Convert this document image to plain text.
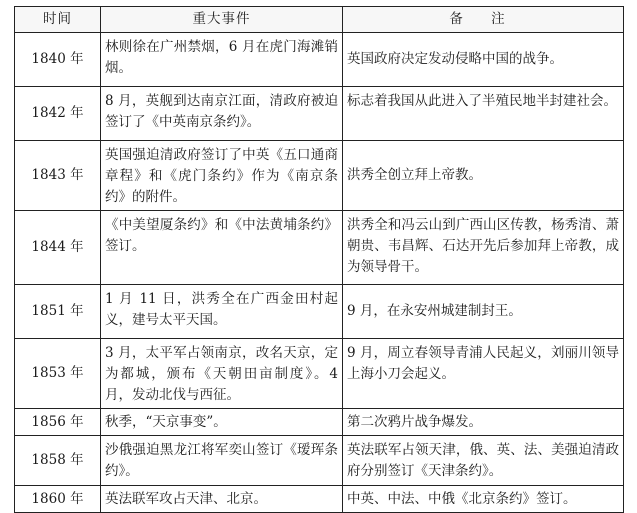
时间	重大事件	备 注
1840 年	林则徐在广州禁烟，6 月在虎门海滩销烟。	英国政府决定发动侵略中国的战争。
1842 年	8 月，英舰到达南京江面，清政府被迫签订了《中英南京条约》。	标志着我国从此进入了半殖民地半封建社会。
1843 年	英国强迫清政府签订了中英《五口通商章程》和《虎门条约》作为《南京条约》的附件。	洪秀全创立拜上帝教。
1844 年	《中美望厦条约》和《中法黄埔条约》签订。	洪秀全和冯云山到广西山区传教，杨秀清、萧朝贵、韦昌辉、石达开先后参加拜上帝教，成为领导骨干。
1851 年	1 月 11 日，洪秀全在广西金田村起义，建号太平天国。	9 月，在永安州城建制封王。
1853 年	3 月，太平军占领南京，改名天京，定为都城，颁布《天朝田亩制度》。4 月，发动北伐与西征。	9 月，周立春领导青浦人民起义，刘丽川领导上海小刀会起义。
1856 年	秋季，“天京事变”。	第二次鸦片战争爆发。
1858 年	沙俄强迫黑龙江将军奕山签订《瑷珲条约》。	英法联军占领天津，俄、英、法、美强迫清政府分别签订《天津条约》。
1860 年	英法联军攻占天津、北京。	中英、中法、中俄《北京条约》签订。
